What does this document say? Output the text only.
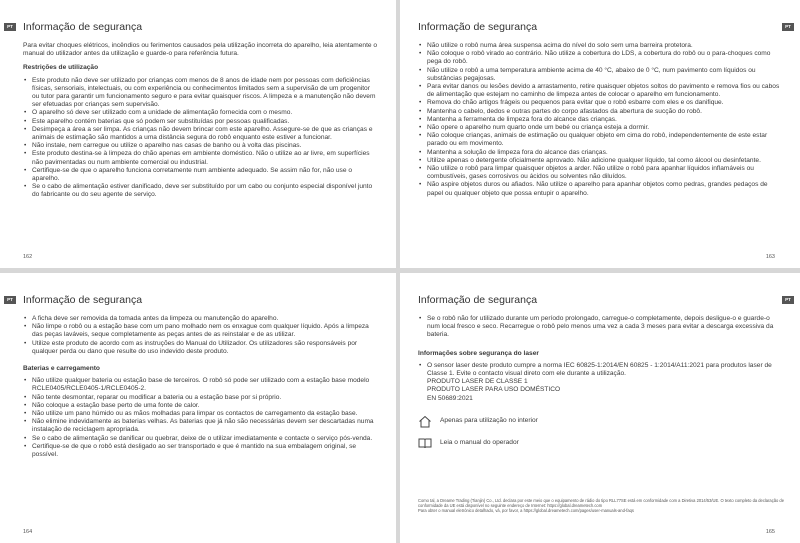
PT Informação de segurança

Para evitar choques elétricos, incêndios ou ferimentos causados pela utilização incorreta do aparelho, leia atentamente o manual do utilizador antes da utilização e guarde-o para referência futura.

Restrições de utilização

• Este produto não deve ser utilizado por crianças com menos de 8 anos de idade nem por pessoas com deficiências físicas, sensoriais, intelectuais, ou com experiência ou conhecimentos limitados sem a supervisão de um progenitor ou tutor para garantir um funcionamento seguro e para evitar quaisquer riscos. A limpeza e a manutenção não devem ser efetuadas por crianças sem supervisão.
• O aparelho só deve ser utilizado com a unidade de alimentação fornecida com o mesmo.
• Este aparelho contém baterias que só podem ser substituídas por pessoas qualificadas.
• Desimpeça a área a ser limpa. As crianças não devem brincar com este aparelho. Assegure-se de que as crianças e animais de estimação são mantidos a uma distância segura do robô enquanto este estiver a funcionar.
• Não instale, nem carregue ou utilize o aparelho nas casas de banho ou à volta das piscinas.
• Este produto destina-se à limpeza do chão apenas em ambiente doméstico. Não o utilize ao ar livre, em superfícies não pavimentadas ou num ambiente comercial ou industrial.
• Certifique-se de que o aparelho funciona corretamente num ambiente adequado. Se assim não for, não use o aparelho.
• Se o cabo de alimentação estiver danificado, deve ser substituído por um cabo ou conjunto especial disponível junto do fabricante ou do seu agente de serviço.
162
PT
Informação de segurança
• Não utilize o robô numa área suspensa acima do nível do solo sem uma barreira protetora.
• Não coloque o robô virado ao contrário. Não utilize a cobertura do LDS, a cobertura do robô ou o para-choques como pega do robô.
• Não utilize o robô a uma temperatura ambiente acima de 40 °C, abaixo de 0 °C, num pavimento com líquidos ou substâncias pegajosas.
• Para evitar danos ou lesões devido a arrastamento, retire quaisquer objetos soltos do pavimento e remova fios ou cabos de alimentação que estejam no caminho de limpeza antes de colocar o aparelho em funcionamento.
• Remova do chão artigos frágeis ou pequenos para evitar que o robô esbarre com eles e os danifique.
• Mantenha o cabelo, dedos e outras partes do corpo afastados da abertura de sucção do robô.
• Mantenha a ferramenta de limpeza fora do alcance das crianças.
• Não opere o aparelho num quarto onde um bebé ou criança esteja a dormir.
• Não coloque crianças, animais de estimação ou qualquer objeto em cima do robô, independentemente de este estar parado ou em movimento.
• Mantenha a solução de limpeza fora do alcance das crianças.
• Utilize apenas o detergente oficialmente aprovado. Não adicione qualquer líquido, tal como álcool ou desinfetante.
• Não utilize o robô para limpar quaisquer objetos a arder. Não utilize o robô para apanhar líquidos inflamáveis ou combustíveis, gases corrosivos ou ácidos ou solventes não diluídos.
• Não aspire objetos duros ou afiados. Não utilize o aparelho para apanhar objetos como pedras, grandes pedaços de papel ou qualquer objeto que possa entupir o aparelho.
163
PT Informação de segurança
• A ficha deve ser removida da tomada antes da limpeza ou manutenção do aparelho.
• Não limpe o robô ou a estação base com um pano molhado nem os enxague com qualquer líquido. Após a limpeza das peças laváveis, seque completamente as peças antes de as reinstalar e de as utilizar.
• Utilize este produto de acordo com as instruções do Manual do Utilizador. Os utilizadores são responsáveis por qualquer perda ou dano que resulte do uso indevido deste produto.

Baterias e carregamento

• Não utilize qualquer bateria ou estação base de terceiros. O robô só pode ser utilizado com a estação base modelo RCLE0405/RCLE0405-1/RCLE0405-2.
• Não tente desmontar, reparar ou modificar a bateria ou a estação base por si próprio.
• Não coloque a estação base perto de uma fonte de calor.
• Não utilize um pano húmido ou as mãos molhadas para limpar os contactos de carregamento da estação base.
• Não elimine indevidamente as baterias velhas. As baterias que já não são necessárias devem ser descartadas numa instalação de reciclagem apropriada.
• Se o cabo de alimentação se danificar ou quebrar, deixe de o utilizar imediatamente e contacte o serviço pós-venda.
• Certifique-se de que o robô está desligado ao ser transportado e que é mantido na sua embalagem original, se possível.
164
PT
Informação de segurança
• Se o robô não for utilizado durante um período prolongado, carregue-o completamente, depois desligue-o e guarde-o num local fresco e seco. Recarregue o robô pelo menos uma vez a cada 3 meses para evitar a descarga excessiva da bateria.

Informações sobre segurança do laser

• O sensor laser deste produto cumpre a norma IEC 60825-1:2014/EN 60825 - 1:2014/A11:2021 para produtos laser de Classe 1. Evite o contacto visual direto com ele durante a utilização.

PRODUTO LASER DE CLASSE 1

PRODUTO LASER PARA USO DOMÉSTICO

EN 50689:2021

Apenas para utilização no interior
Leia o manual do operador

Como tal, a Dreame Trading (Tianjin) Co., Ltd. declara por este meio que o equipamento de rádio do tipo RLL77SE está em conformidade com a Diretiva 2014/53/UE. O texto completo da declaração de conformidade da UE está disponível no seguinte endereço de Internet: https://global.dreametech.com

Para obter o manual eletrónico detalhado, vá, por favor, a https://global.dreametech.com/pages/user-manuals-and-faqs

165
